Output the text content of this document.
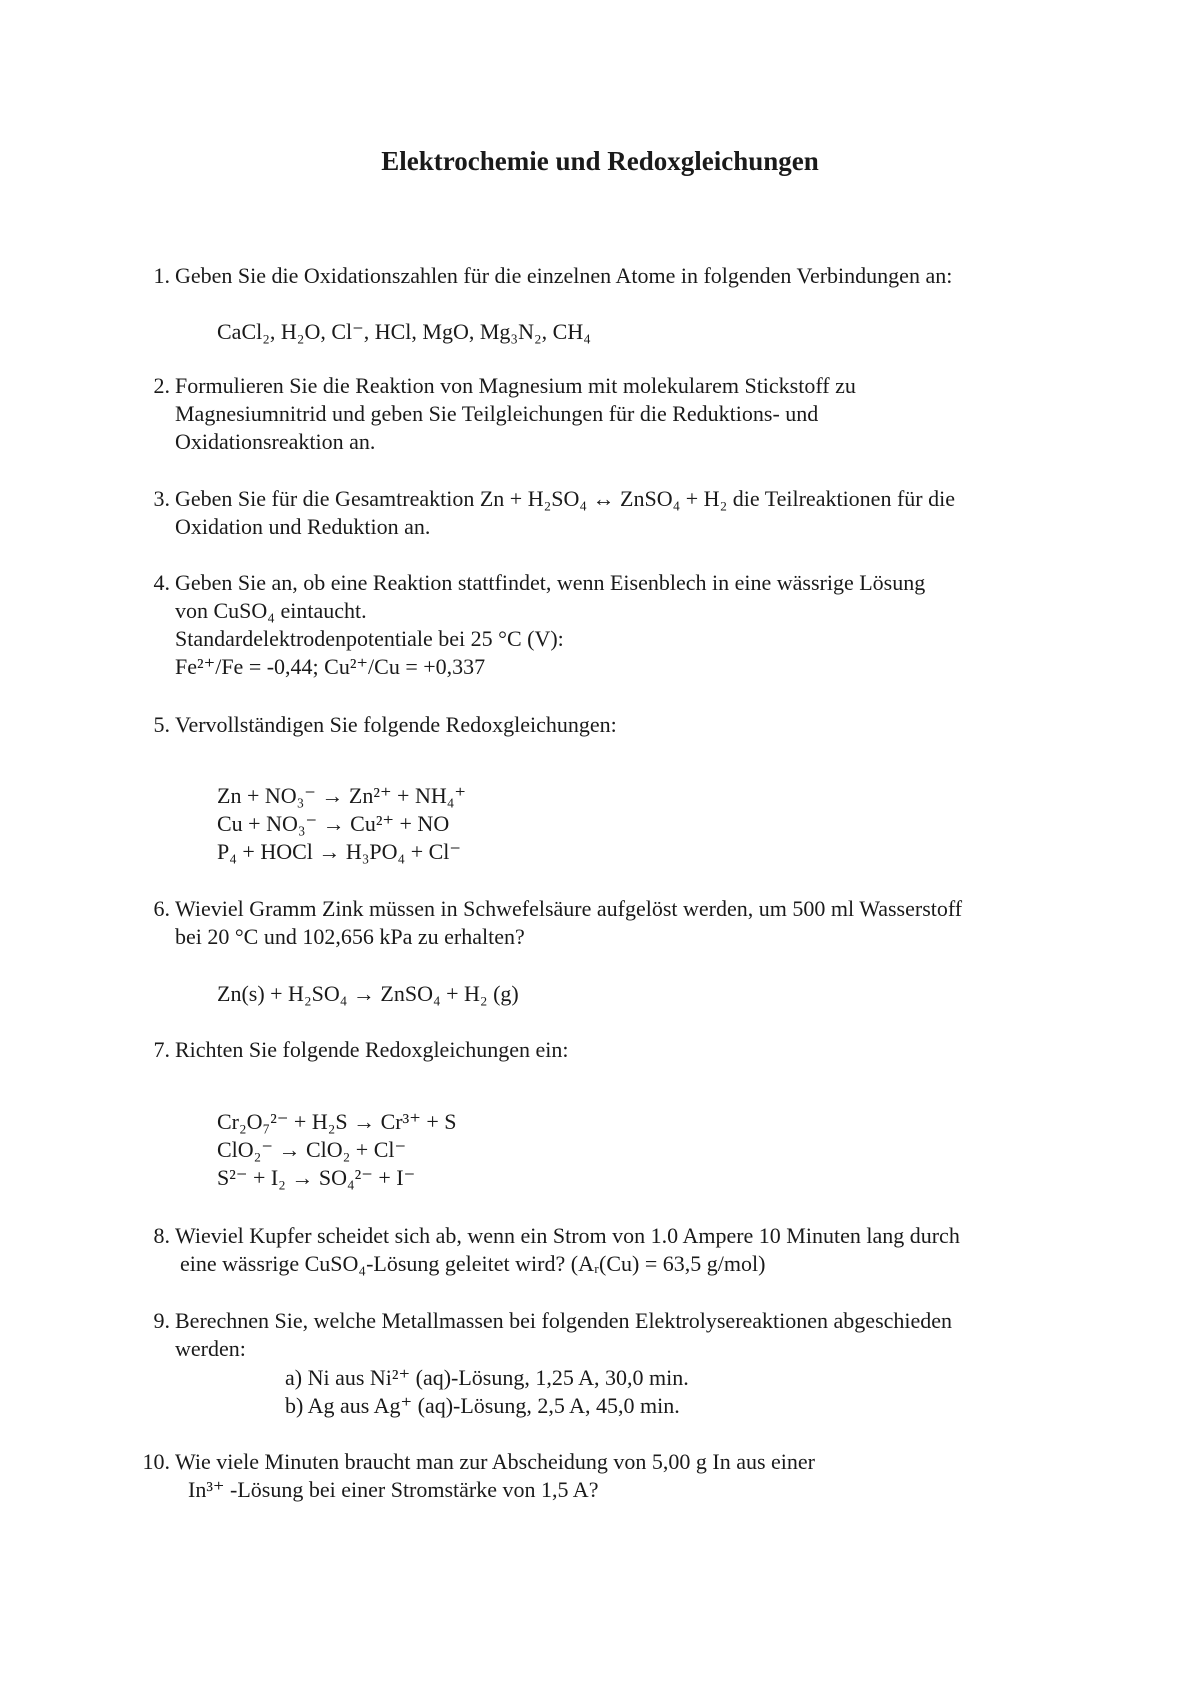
Elektrochemie und Redoxgleichungen
1. Geben Sie die Oxidationszahlen für die einzelnen Atome in folgenden Verbindungen an:
CaCl₂, H₂O, Cl⁻, HCl, MgO, Mg₃N₂, CH₄
2. Formulieren Sie die Reaktion von Magnesium mit molekularem Stickstoff zu
Magnesiumnitrid und geben Sie Teilgleichungen für die Reduktions- und
Oxidationsreaktion an.
3. Geben Sie für die Gesamtreaktion Zn + H₂SO₄ ↔ ZnSO₄ + H₂ die Teilreaktionen für die
Oxidation und Reduktion an.
4. Geben Sie an, ob eine Reaktion stattfindet, wenn Eisenblech in eine wässrige Lösung
von CuSO₄ eintaucht.
Standardelektrodenpotentiale bei 25 °C (V):
Fe²⁺/Fe = -0,44; Cu²⁺/Cu = +0,337
5. Vervollständigen Sie folgende Redoxgleichungen:
Zn + NO₃⁻ → Zn²⁺ + NH₄⁺
Cu + NO₃⁻ → Cu²⁺ + NO
P₄ + HOCl → H₃PO₄ + Cl⁻
6. Wieviel Gramm Zink müssen in Schwefelsäure aufgelöst werden, um 500 ml Wasserstoff
bei 20 °C und 102,656 kPa zu erhalten?
Zn(s) + H₂SO₄ → ZnSO₄ + H₂ (g)
7. Richten Sie folgende Redoxgleichungen ein:
Cr₂O₇²⁻ + H₂S → Cr³⁺ + S
ClO₂⁻ → ClO₂ + Cl⁻
S²⁻ + I₂ → SO₄²⁻ + I⁻
8. Wieviel Kupfer scheidet sich ab, wenn ein Strom von 1.0 Ampere 10 Minuten lang durch
eine wässrige CuSO₄-Lösung geleitet wird? (Aᵣ(Cu) = 63,5 g/mol)
9. Berechnen Sie, welche Metallmassen bei folgenden Elektrolysereaktionen abgeschieden
werden:
a) Ni aus Ni²⁺ (aq)-Lösung, 1,25 A, 30,0 min.
b) Ag aus Ag⁺ (aq)-Lösung, 2,5 A, 45,0 min.
10. Wie viele Minuten braucht man zur Abscheidung von 5,00 g In aus einer
In³⁺ -Lösung bei einer Stromstärke von 1,5 A?
